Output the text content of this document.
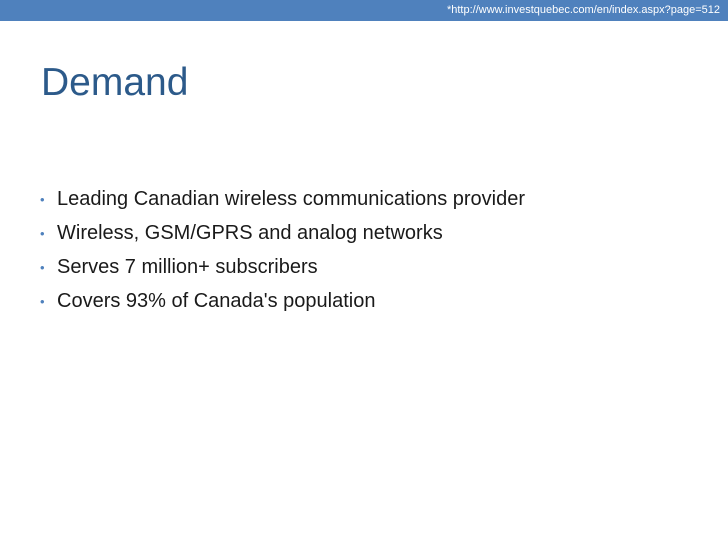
*http://www.investquebec.com/en/index.aspx?page=512
Demand
• Leading Canadian wireless communications provider
• Wireless, GSM/GPRS and analog networks
• Serves 7 million+ subscribers
• Covers 93% of Canada's population
